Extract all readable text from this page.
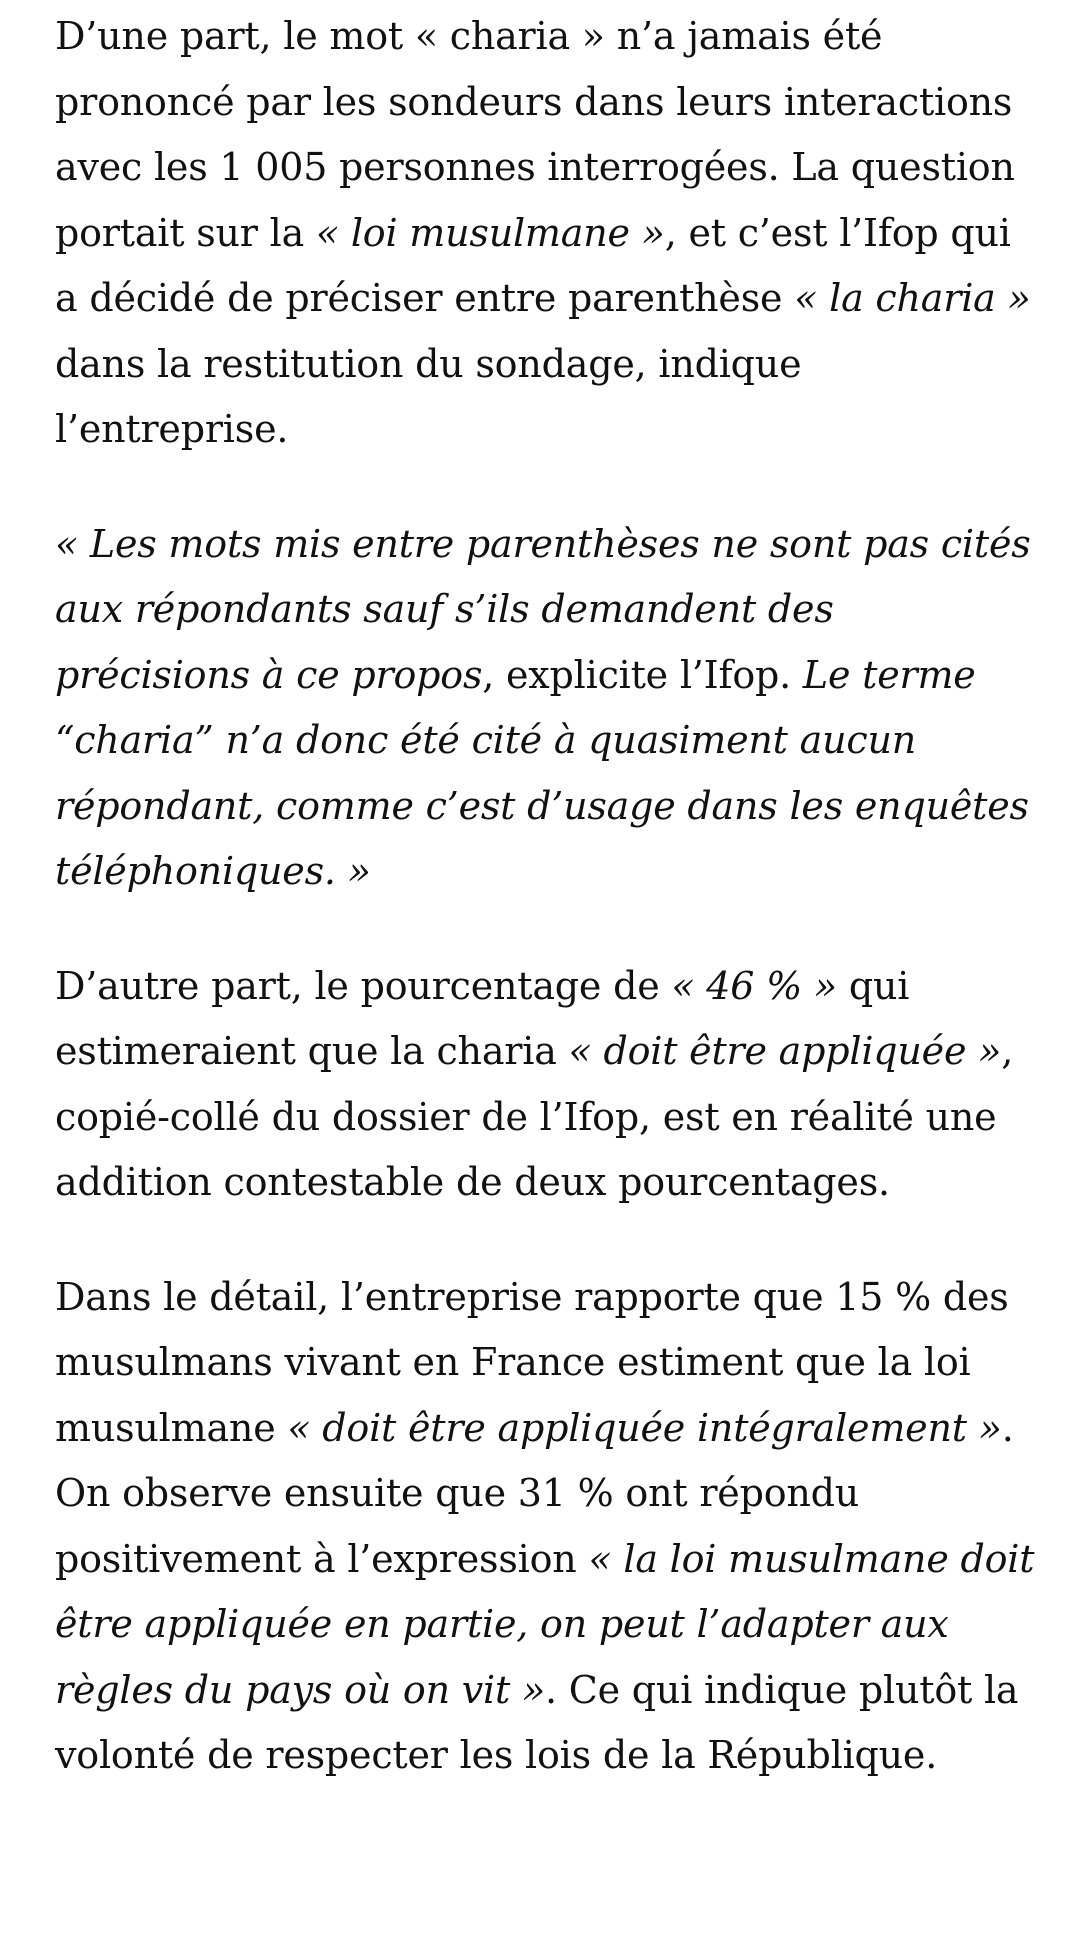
D’une part, le mot « charia » n’a jamais été prononcé par les sondeurs dans leurs interactions avec les 1 005 personnes interrogées. La question portait sur la « loi musulmane », et c’est l’Ifop qui a décidé de préciser entre parenthèse « la charia » dans la restitution du sondage, indique l’entreprise.

« Les mots mis entre parenthèses ne sont pas cités aux répondants sauf s’ils demandent des précisions à ce propos, explicite l’Ifop. Le terme “charia” n’a donc été cité à quasiment aucun répondant, comme c’est d’usage dans les enquêtes téléphoniques. »

D’autre part, le pourcentage de « 46 % » qui estimeraient que la charia « doit être appliquée », copié-collé du dossier de l’Ifop, est en réalité une addition contestable de deux pourcentages.

Dans le détail, l’entreprise rapporte que 15 % des musulmans vivant en France estiment que la loi musulmane « doit être appliquée intégralement ». On observe ensuite que 31 % ont répondu positivement à l’expression « la loi musulmane doit être appliquée en partie, on peut l’adapter aux règles du pays où on vit ». Ce qui indique plutôt la volonté de respecter les lois de la République.
